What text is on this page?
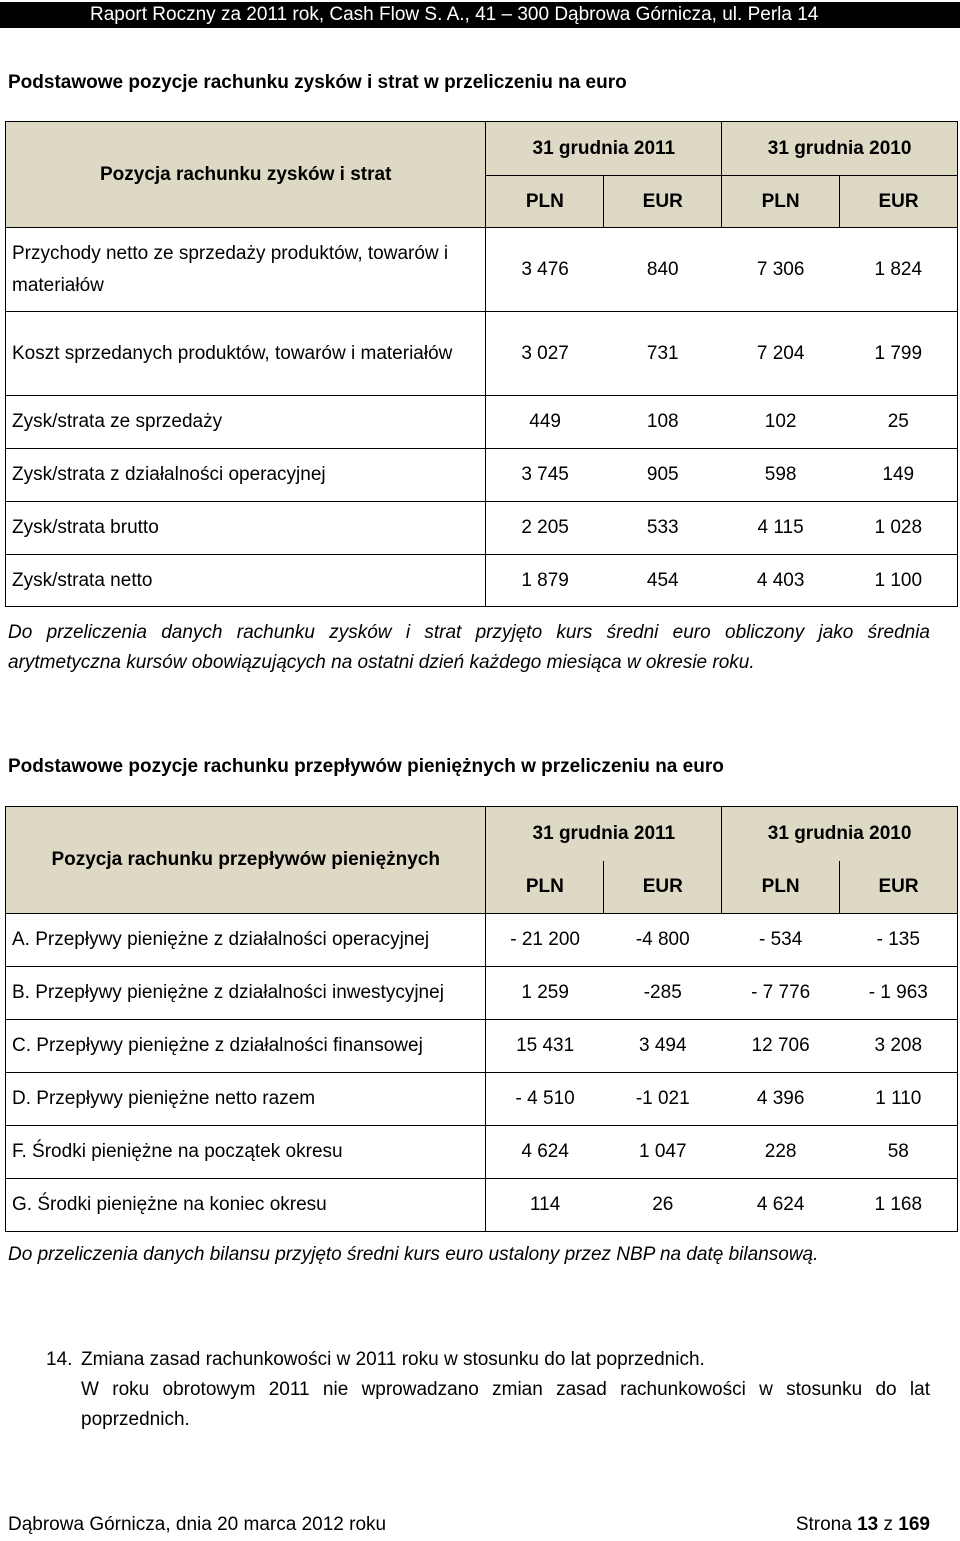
Raport Roczny za 2011 rok, Cash Flow S. A., 41 – 300 Dąbrowa Górnicza, ul. Perla 14
Podstawowe pozycje rachunku zysków i strat w przeliczeniu na euro
Pozycja rachunku zysków i strat	31 grudnia 2011		31 grudnia 2010	
	PLN	EUR	PLN	EUR
Przychody netto ze sprzedaży produktów, towarów i materiałów	3 476	840	7 306	1 824
Koszt sprzedanych produktów, towarów i materiałów	3 027	731	7 204	1 799
Zysk/strata ze sprzedaży	449	108	102	25
Zysk/strata z działalności operacyjnej	3 745	905	598	149
Zysk/strata brutto	2 205	533	4 115	1 028
Zysk/strata netto	1 879	454	4 403	1 100
Do przeliczenia danych rachunku zysków i strat przyjęto kurs średni euro obliczony jako średnia arytmetyczna kursów obowiązujących na ostatni dzień każdego miesiąca w okresie roku.
Podstawowe pozycje rachunku przepływów pieniężnych w przeliczeniu na euro
Pozycja rachunku przepływów pieniężnych	31 grudnia 2011		31 grudnia 2010	
	PLN	EUR	PLN	EUR
A. Przepływy pieniężne z działalności operacyjnej	- 21 200	-4 800	- 534	- 135
B. Przepływy pieniężne z działalności inwestycyjnej	1 259	-285	- 7 776	- 1 963
C. Przepływy pieniężne z działalności finansowej	15 431	3 494	12 706	3 208
D. Przepływy pieniężne netto razem	- 4 510	-1 021	4 396	1 110
F. Środki pieniężne na początek okresu	4 624	1 047	228	58
G. Środki pieniężne na koniec okresu	114	26	4 624	1 168
Do przeliczenia danych bilansu przyjęto średni kurs euro ustalony przez NBP na datę bilansową.
14. Zmiana zasad rachunkowości w 2011 roku w stosunku do lat poprzednich.
W roku obrotowym 2011 nie wprowadzano zmian zasad rachunkowości w stosunku do lat poprzednich.
Dąbrowa Górnicza, dnia 20 marca 2012 roku	Strona 13 z 169
